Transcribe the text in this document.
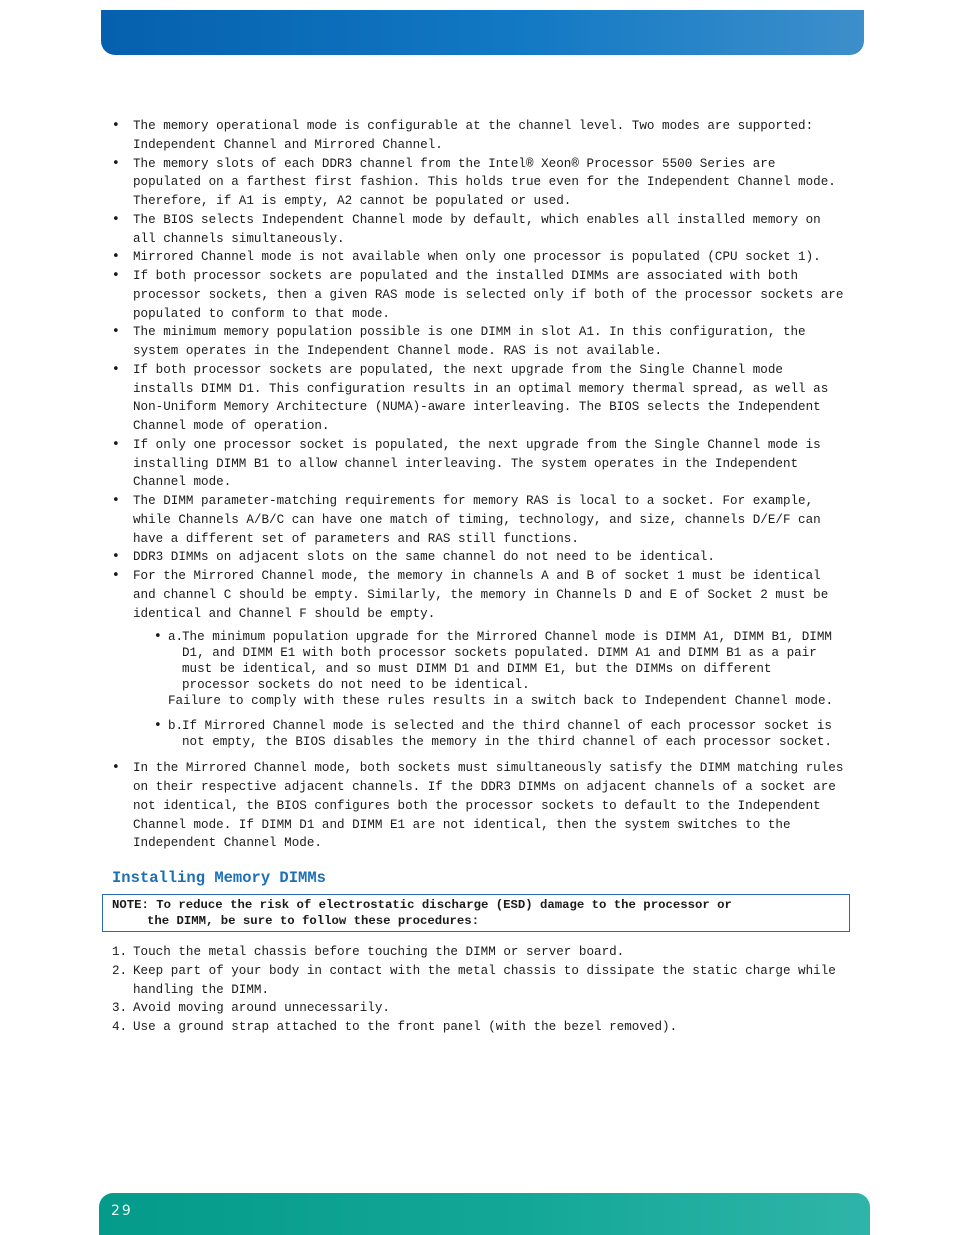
• The memory operational mode is configurable at the channel level. Two modes are supported: Independent Channel and Mirrored Channel.
• The memory slots of each DDR3 channel from the Intel® Xeon® Processor 5500 Series are populated on a farthest first fashion. This holds true even for the Independent Channel mode. Therefore, if A1 is empty, A2 cannot be populated or used.
• The BIOS selects Independent Channel mode by default, which enables all installed memory on all channels simultaneously.
• Mirrored Channel mode is not available when only one processor is populated (CPU socket 1).
• If both processor sockets are populated and the installed DIMMs are associated with both processor sockets, then a given RAS mode is selected only if both of the processor sockets are populated to conform to that mode.
• The minimum memory population possible is one DIMM in slot A1. In this configuration, the system operates in the Independent Channel mode. RAS is not available.
• If both processor sockets are populated, the next upgrade from the Single Channel mode installs DIMM D1. This configuration results in an optimal memory thermal spread, as well as Non-Uniform Memory Architecture (NUMA)-aware interleaving. The BIOS selects the Independent Channel mode of operation.
• If only one processor socket is populated, the next upgrade from the Single Channel mode is installing DIMM B1 to allow channel interleaving. The system operates in the Independent Channel mode.
• The DIMM parameter-matching requirements for memory RAS is local to a socket. For example, while Channels A/B/C can have one match of timing, technology, and size, channels D/E/F can have a different set of parameters and RAS still functions.
• DDR3 DIMMs on adjacent slots on the same channel do not need to be identical.
• For the Mirrored Channel mode, the memory in channels A and B of socket 1 must be identical and channel C should be empty. Similarly, the memory in Channels D and E of Socket 2 must be identical and Channel F should be empty.
• a.The minimum population upgrade for the Mirrored Channel mode is DIMM A1, DIMM B1, DIMM D1, and DIMM E1 with both processor sockets populated. DIMM A1 and DIMM B1 as a pair must be identical, and so must DIMM D1 and DIMM E1, but the DIMMs on different processor sockets do not need to be identical.
Failure to comply with these rules results in a switch back to Independent Channel mode.
• b.If Mirrored Channel mode is selected and the third channel of each processor socket is not empty, the BIOS disables the memory in the third channel of each processor socket.
• In the Mirrored Channel mode, both sockets must simultaneously satisfy the DIMM matching rules on their respective adjacent channels. If the DDR3 DIMMs on adjacent channels of a socket are not identical, the BIOS configures both the processor sockets to default to the Independent Channel mode. If DIMM D1 and DIMM E1 are not identical, then the system switches to the Independent Channel Mode.
Installing Memory DIMMs
NOTE: To reduce the risk of electrostatic discharge (ESD) damage to the processor or
the DIMM, be sure to follow these procedures:
1. Touch the metal chassis before touching the DIMM or server board.
2. Keep part of your body in contact with the metal chassis to dissipate the static charge while handling the DIMM.
3. Avoid moving around unnecessarily.
4. Use a ground strap attached to the front panel (with the bezel removed).
29
